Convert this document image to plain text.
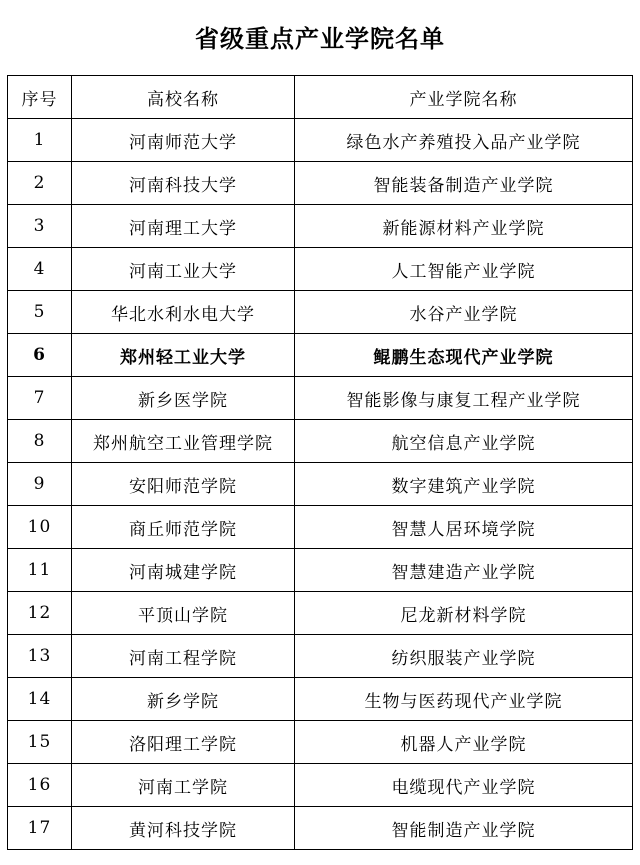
省级重点产业学院名单
序号	高校名称	产业学院名称
1	河南师范大学	绿色水产养殖投入品产业学院
2	河南科技大学	智能装备制造产业学院
3	河南理工大学	新能源材料产业学院
4	河南工业大学	人工智能产业学院
5	华北水利水电大学	水谷产业学院
6	郑州轻工业大学	鲲鹏生态现代产业学院
7	新乡医学院	智能影像与康复工程产业学院
8	郑州航空工业管理学院	航空信息产业学院
9	安阳师范学院	数字建筑产业学院
10	商丘师范学院	智慧人居环境学院
11	河南城建学院	智慧建造产业学院
12	平顶山学院	尼龙新材料学院
13	河南工程学院	纺织服装产业学院
14	新乡学院	生物与医药现代产业学院
15	洛阳理工学院	机器人产业学院
16	河南工学院	电缆现代产业学院
17	黄河科技学院	智能制造产业学院
